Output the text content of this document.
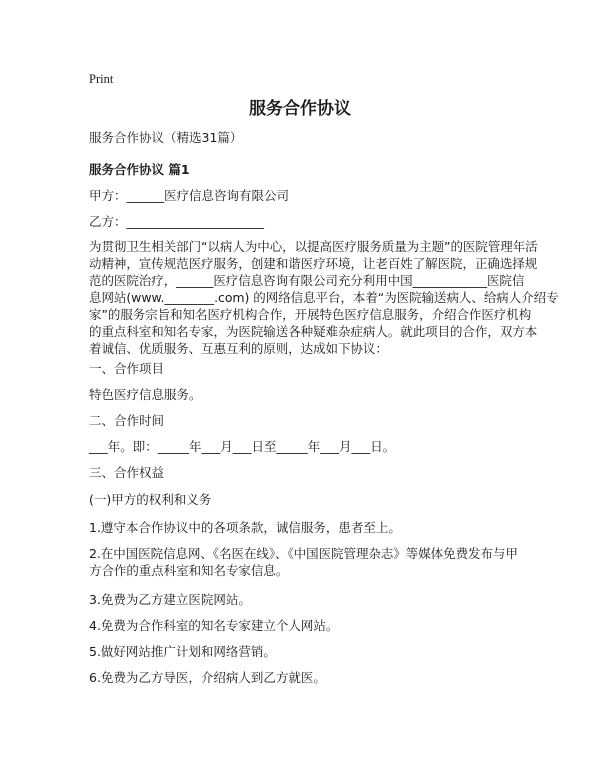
Print
服务合作协议
服务合作协议（精选31篇）
服务合作协议 篇1
甲方：______医疗信息咨询有限公司
乙方：______________________
为贯彻卫生相关部门“以病人为中心，以提高医疗服务质量为主题”的医院管理年活
动精神，宣传规范医疗服务，创建和谐医疗环境，让老百姓了解医院，正确选择规
范的医院治疗，______医疗信息咨询有限公司充分利用中国____________医院信
息网站(www.________.com) 的网络信息平台，本着“为医院输送病人、给病人介绍专
家”的服务宗旨和知名医疗机构合作，开展特色医疗信息服务，介绍合作医疗机构
的重点科室和知名专家，为医院输送各种疑难杂症病人。就此项目的合作，双方本
着诚信、优质服务、互惠互利的原则，达成如下协议：
一、合作项目
特色医疗信息服务。
二、合作时间
___年。即：_____年___月___日至_____年___月___日。
三、合作权益
(一)甲方的权利和义务
1.遵守本合作协议中的各项条款，诚信服务，患者至上。
2.在中国医院信息网、《名医在线》、《中国医院管理杂志》等媒体免费发布与甲
方合作的重点科室和知名专家信息。
3.免费为乙方建立医院网站。
4.免费为合作科室的知名专家建立个人网站。
5.做好网站推广计划和网络营销。
6.免费为乙方导医，介绍病人到乙方就医。
